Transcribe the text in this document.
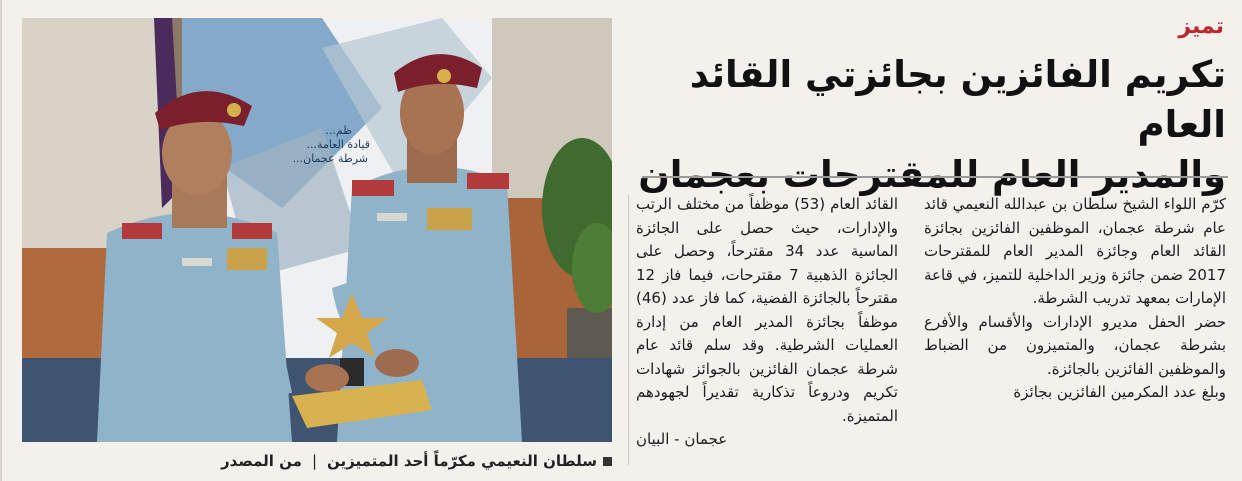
تميز
تكريم الفائزين بجائزتي القائد العام
والمدير العام للمقترحات بعجمان

كرّم اللواء الشيخ سلطان بن عبدالله النعيمي قائد عام شرطة عجمان، الموظفين الفائزين بجائزة القائد العام وجائزة المدير العام للمقترحات 2017 ضمن جائزة وزير الداخلية للتميز، في قاعة الإمارات بمعهد تدريب الشرطة.

حضر الحفل مديرو الإدارات والأقسام والأفرع بشرطة عجمان، والمتميزون من الضباط والموظفين الفائزين بالجائزة.

وبلغ عدد المكرمين الفائزين بجائزة

القائد العام (53) موظفاً من مختلف الرتب والإدارات، حيث حصل على الجائزة الماسية عدد 34 مقترحاً، وحصل على الجائزة الذهبية 7 مقترحات، فيما فاز 12 مقترحاً بالجائزة الفضية، كما فاز عدد (46) موظفاً بجائزة المدير العام من إدارة العمليات الشرطية. وقد سلم قائد عام شرطة عجمان الفائزين بالجوائز شهادات تكريم ودروعاً تذكارية تقديراً لجهودهم المتميزة.

عجمان - البيان

...ظم
...قيادة العامة
...شرطة عجمان
سلطان النعيمي مكرّماً أحد المتميزين|من المصدر
